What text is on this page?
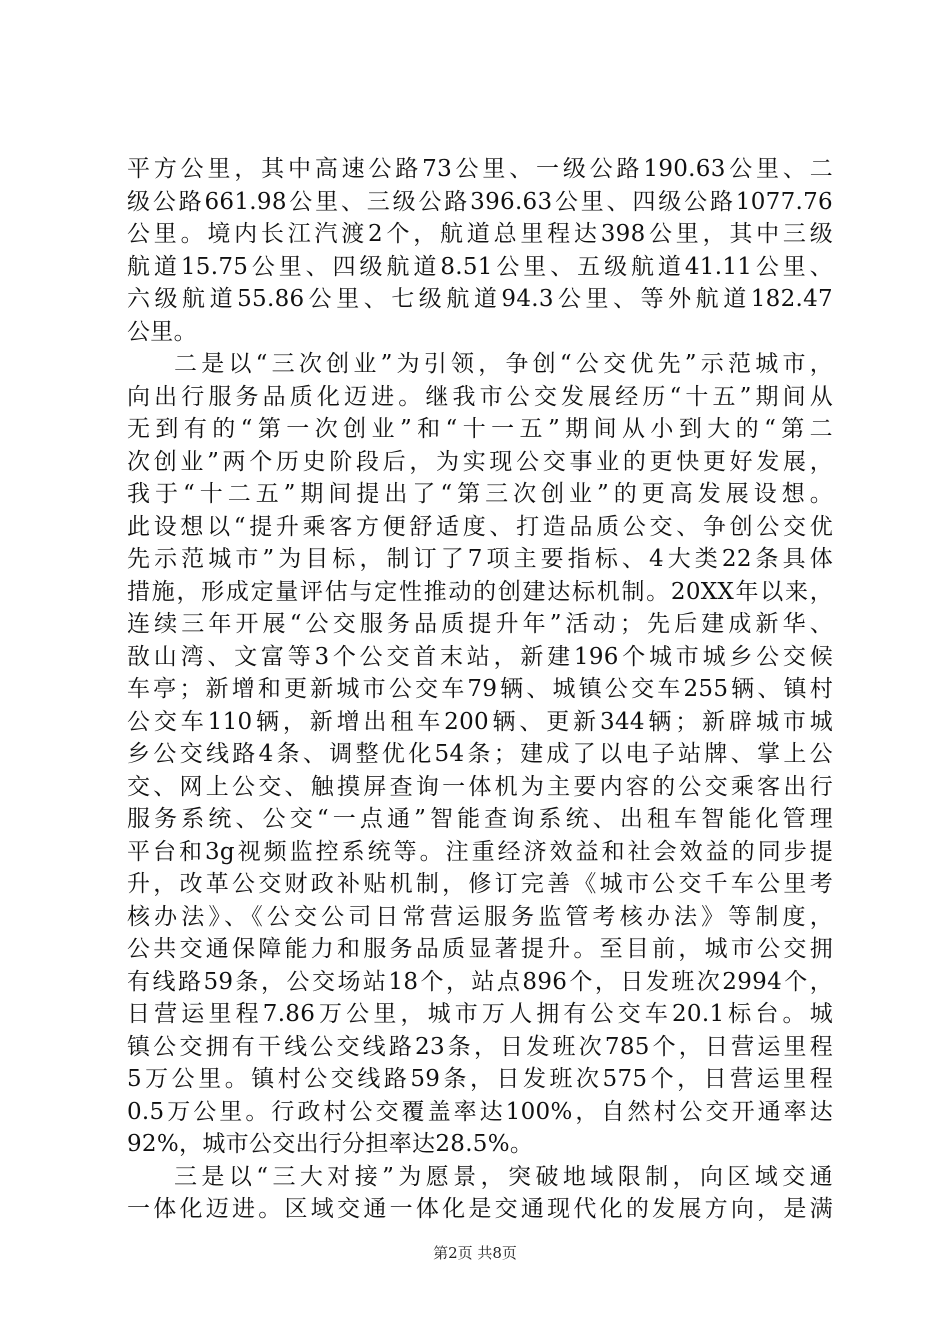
平方公里，其中高速公路73公里、一级公路190.63公里、二
级公路661.98公里、三级公路396.63公里、四级公路1077.76
公里。境内长江汽渡2个，航道总里程达398公里，其中三级
航道15.75公里、四级航道8.51公里、五级航道41.11公里、
六级航道55.86公里、七级航道94.3公里、等外航道182.47
公里。
二是以“三次创业”为引领，争创“公交优先”示范城市，
向出行服务品质化迈进。继我市公交发展经历“十五”期间从
无到有的“第一次创业”和“十一五”期间从小到大的“第二
次创业”两个历史阶段后，为实现公交事业的更快更好发展，
我于“十二五”期间提出了“第三次创业”的更高发展设想。
此设想以“提升乘客方便舒适度、打造品质公交、争创公交优
先示范城市”为目标，制订了7项主要指标、4大类22条具体
措施，形成定量评估与定性推动的创建达标机制。20XX年以来，
连续三年开展“公交服务品质提升年”活动；先后建成新华、
敔山湾、文富等3个公交首末站，新建196个城市城乡公交候
车亭；新增和更新城市公交车79辆、城镇公交车255辆、镇村
公交车110辆，新增出租车200辆、更新344辆；新辟城市城
乡公交线路4条、调整优化54条；建成了以电子站牌、掌上公
交、网上公交、触摸屏查询一体机为主要内容的公交乘客出行
服务系统、公交“一点通”智能查询系统、出租车智能化管理
平台和3g视频监控系统等。注重经济效益和社会效益的同步提
升，改革公交财政补贴机制，修订完善《城市公交千车公里考
核办法》、《公交公司日常营运服务监管考核办法》等制度，
公共交通保障能力和服务品质显著提升。至目前，城市公交拥
有线路59条，公交场站18个，站点896个，日发班次2994个，
日营运里程7.86万公里，城市万人拥有公交车20.1标台。城
镇公交拥有干线公交线路23条，日发班次785个，日营运里程
5万公里。镇村公交线路59条，日发班次575个，日营运里程
0.5万公里。行政村公交覆盖率达100%，自然村公交开通率达
92%，城市公交出行分担率达28.5%。
三是以“三大对接”为愿景，突破地域限制，向区域交通
一体化迈进。区域交通一体化是交通现代化的发展方向，是满
第2页 共8页
